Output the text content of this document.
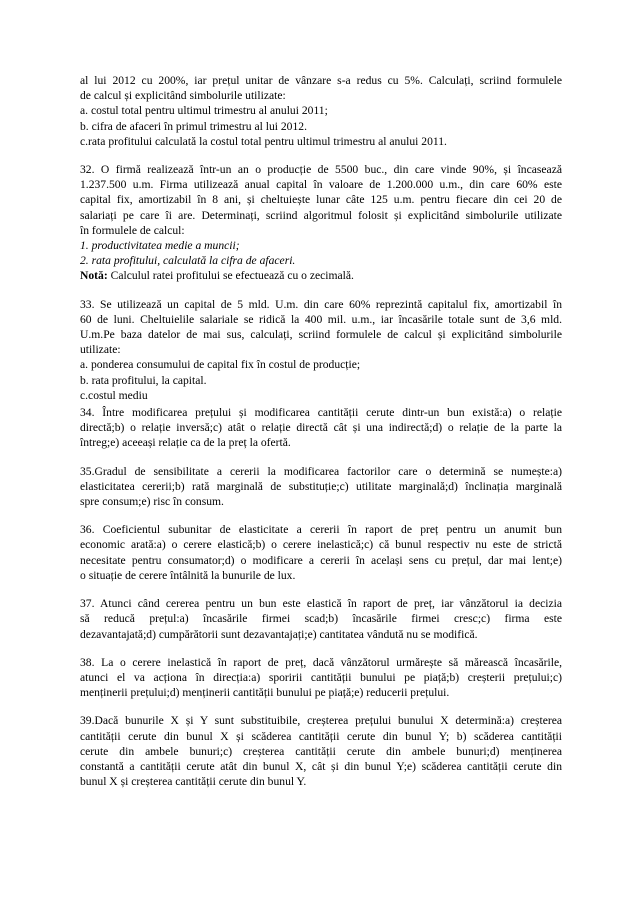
al lui 2012 cu 200%, iar prețul unitar de vânzare s-a redus cu 5%. Calculați, scriind formulele
de calcul și explicitând simbolurile utilizate:
a. costul total pentru ultimul trimestru al anului 2011;
b. cifra de afaceri în primul trimestru al lui 2012.
c.rata profitului calculată la costul total pentru ultimul trimestru al anului 2011.
32. O firmă realizează într-un an o producție de 5500 buc., din care vinde 90%, și încasează
1.237.500 u.m. Firma utilizează anual capital în valoare de 1.200.000 u.m., din care 60% este
capital fix, amortizabil în 8 ani, și cheltuiește lunar câte 125 u.m. pentru fiecare din cei 20 de
salariați pe care îi are. Determinați, scriind algoritmul folosit și explicitând simbolurile utilizate
în formulele de calcul:
1. productivitatea medie a muncii;
2. rata profitului, calculată la cifra de afaceri.
Notă: Calculul ratei profitului se efectuează cu o zecimală.
33. Se utilizează un capital de 5 mld. U.m. din care 60% reprezintă capitalul fix, amortizabil în
60 de luni. Cheltuielile salariale se ridică la 400 mil. u.m., iar încasările totale sunt de 3,6 mld.
U.m.Pe baza datelor de mai sus, calculați, scriind formulele de calcul și explicitând simbolurile
utilizate:
a. ponderea consumului de capital fix în costul de producție;
b. rata profitului, la capital.
c.costul mediu
34. Între modificarea prețului și modificarea cantității cerute dintr-un bun există:a) o relație
directă;b) o relație inversă;c) atât o relație directă cât și una indirectă;d) o relație de la parte la
întreg;e) aceeași relație ca de la preț la ofertă.
35.Gradul de sensibilitate a cererii la modificarea factorilor care o determină se numește:a)
elasticitatea cererii;b) rată marginală de substituție;c) utilitate marginală;d) înclinația marginală
spre consum;e) risc în consum.
36. Coeficientul subunitar de elasticitate a cererii în raport de preț pentru un anumit bun
economic arată:a) o cerere elastică;b) o cerere inelastică;c) că bunul respectiv nu este de strictă
necesitate pentru consumator;d) o modificare a cererii în același sens cu prețul, dar mai lent;e)
o situație de cerere întâlnită la bunurile de lux.
37. Atunci când cererea pentru un bun este elastică în raport de preț, iar vânzătorul ia decizia
să reducă prețul:a) încasările firmei scad;b) încasările firmei cresc;c) firma este
dezavantajată;d) cumpărătorii sunt dezavantajați;e) cantitatea vândută nu se modifică.
38. La o cerere inelastică în raport de preț, dacă vânzătorul urmărește să mărească încasările,
atunci el va acționa în direcția:a) sporirii cantității bunului pe piață;b) creșterii prețului;c)
menținerii prețului;d) menținerii cantității bunului pe piață;e) reducerii prețului.
39.Dacă bunurile X și Y sunt substituibile, creșterea prețului bunului X determină:a) creșterea
cantității cerute din bunul X și scăderea cantității cerute din bunul Y; b) scăderea cantității
cerute din ambele bunuri;c) creșterea cantității cerute din ambele bunuri;d) menținerea
constantă a cantității cerute atât din bunul X, cât și din bunul Y;e) scăderea cantității cerute din
bunul X și creșterea cantității cerute din bunul Y.
